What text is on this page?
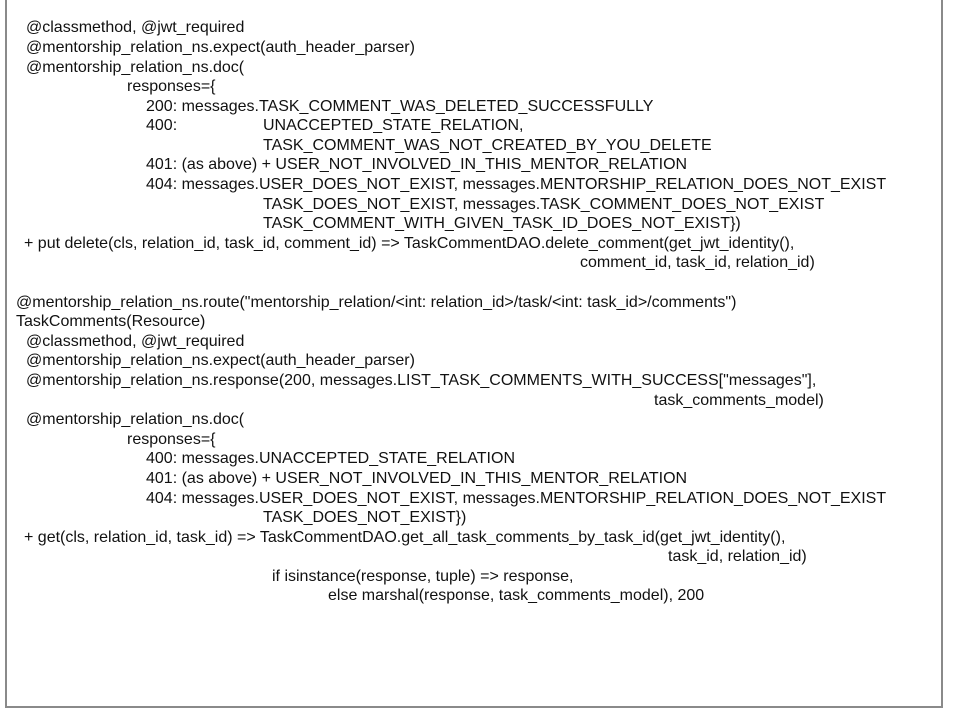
@classmethod, @jwt_required
@mentorship_relation_ns.expect(auth_header_parser)
@mentorship_relation_ns.doc(
responses={
200: messages.TASK_COMMENT_WAS_DELETED_SUCCESSFULLY
400:	UNACCEPTED_STATE_RELATION,
TASK_COMMENT_WAS_NOT_CREATED_BY_YOU_DELETE
401: (as above) + USER_NOT_INVOLVED_IN_THIS_MENTOR_RELATION
404: messages.USER_DOES_NOT_EXIST, messages.MENTORSHIP_RELATION_DOES_NOT_EXIST
TASK_DOES_NOT_EXIST, messages.TASK_COMMENT_DOES_NOT_EXIST
TASK_COMMENT_WITH_GIVEN_TASK_ID_DOES_NOT_EXIST})
+ put delete(cls, relation_id, task_id, comment_id) => TaskCommentDAO.delete_comment(get_jwt_identity(),
comment_id, task_id, relation_id)
@mentorship_relation_ns.route("mentorship_relation/<int: relation_id>/task/<int: task_id>/comments")
TaskComments(Resource)
@classmethod, @jwt_required
@mentorship_relation_ns.expect(auth_header_parser)
@mentorship_relation_ns.response(200, messages.LIST_TASK_COMMENTS_WITH_SUCCESS["messages"],
task_comments_model)
@mentorship_relation_ns.doc(
responses={
400: messages.UNACCEPTED_STATE_RELATION
401: (as above) + USER_NOT_INVOLVED_IN_THIS_MENTOR_RELATION
404: messages.USER_DOES_NOT_EXIST, messages.MENTORSHIP_RELATION_DOES_NOT_EXIST
TASK_DOES_NOT_EXIST})
+ get(cls, relation_id, task_id) => TaskCommentDAO.get_all_task_comments_by_task_id(get_jwt_identity(),
task_id, relation_id)
if isinstance(response, tuple) => response,
else marshal(response, task_comments_model), 200
